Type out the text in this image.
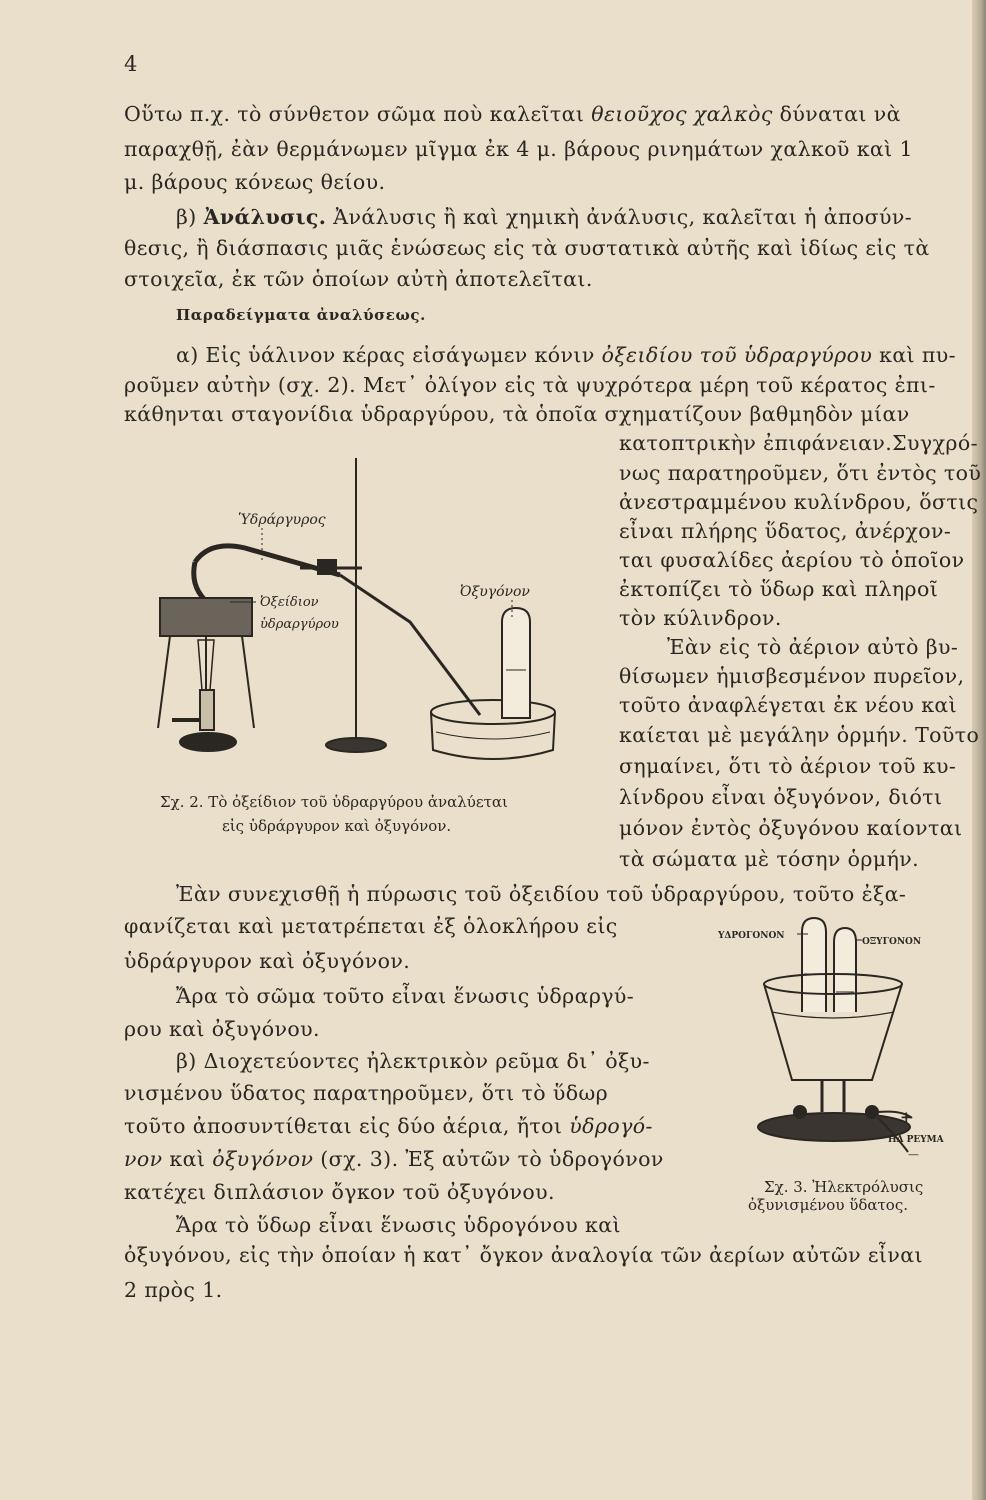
4
Οὕτω π.χ. τὸ σύνθετον σῶμα ποὺ καλεῖται θειοῦχος χαλκὸς δύναται νὰ
παραχθῇ, ἐὰν θερμάνωμεν μῖγμα ἐκ 4 μ. βάρους ρινημάτων χαλκοῦ καὶ 1
μ. βάρους κόνεως θείου.
β) Ἀνάλυσις. Ἀνάλυσις ἢ καὶ χημικὴ ἀνάλυσις, καλεῖται ἡ ἀποσύν-
θεσις, ἢ διάσπασις μιᾶς ἑνώσεως εἰς τὰ συστατικὰ αὐτῆς καὶ ἰδίως εἰς τὰ
στοιχεῖα, ἐκ τῶν ὁποίων αὐτὴ ἀποτελεῖται.
Παραδείγματα ἀναλύσεως.
α) Εἰς ὑάλινον κέρας εἰσάγωμεν κόνιν ὀξειδίου τοῦ ὑδραργύρου καὶ πυ-
ροῦμεν αὐτὴν (σχ. 2). Μετ᾽ ὀλίγον εἰς τὰ ψυχρότερα μέρη τοῦ κέρατος ἐπι-
κάθηνται σταγονίδια ὑδραργύρου, τὰ ὁποῖα σχηματίζουν βαθμηδὸν μίαν
κατοπτρικὴν ἐπιφάνειαν.Συγχρό-
νως παρατηροῦμεν, ὅτι ἐντὸς τοῦ
ἀνεστραμμένου κυλίνδρου, ὅστις
εἶναι πλήρης ὕδατος, ἀνέρχον-
ται φυσαλίδες ἀερίου τὸ ὁποῖον
ἐκτοπίζει τὸ ὕδωρ καὶ πληροῖ
τὸν κύλινδρον.
Ἐὰν εἰς τὸ ἀέριον αὐτὸ βυ-
θίσωμεν ἡμισβεσμένον πυρεῖον,
τοῦτο ἀναφλέγεται ἐκ νέου καὶ
καίεται μὲ μεγάλην ὁρμήν. Τοῦτο
σημαίνει, ὅτι τὸ ἀέριον τοῦ κυ-
λίνδρου εἶναι ὀξυγόνον, διότι
μόνον ἐντὸς ὀξυγόνου καίονται
τὰ σώματα μὲ τόσην ὁρμήν.
Ὑδράργυρος
Ὀξείδιον
ὑδραργύρου
Ὀξυγόνον
Σχ. 2. Τὸ ὀξείδιον τοῦ ὑδραργύρου ἀναλύεται
εἰς ὑδράργυρον καὶ ὀξυγόνον.
Ἐὰν συνεχισθῇ ἡ πύρωσις τοῦ ὀξειδίου τοῦ ὑδραργύρου, τοῦτο ἐξα-
φανίζεται καὶ μετατρέπεται ἐξ ὁλοκλήρου εἰς
ὑδράργυρον καὶ ὀξυγόνον.
Ἄρα τὸ σῶμα τοῦτο εἶναι ἕνωσις ὑδραργύ-
ρου καὶ ὀξυγόνου.
β) Διοχετεύοντες ἠλεκτρικὸν ρεῦμα δι᾽ ὀξυ-
νισμένου ὕδατος παρατηροῦμεν, ὅτι τὸ ὕδωρ
τοῦτο ἀποσυντίθεται εἰς δύο ἀέρια, ἤτοι ὑδρογό-
νον καὶ ὀξυγόνον (σχ. 3). Ἐξ αὐτῶν τὸ ὑδρογόνον
κατέχει διπλάσιον ὄγκον τοῦ ὀξυγόνου.
Ἄρα τὸ ὕδωρ εἶναι ἕνωσις ὑδρογόνου καὶ
ὀξυγόνου, εἰς τὴν ὁποίαν ἡ κατ᾽ ὄγκον ἀναλογία τῶν ἀερίων αὐτῶν εἶναι
2 πρὸς 1.
ΥΔΡΟΓΟΝΟΝ
ΟΞΥΓΟΝΟΝ
+
ΗΛ ΡΕΥΜΑ
—
Σχ. 3. Ἠλεκτρόλυσις
ὀξυνισμένου ὕδατος.
